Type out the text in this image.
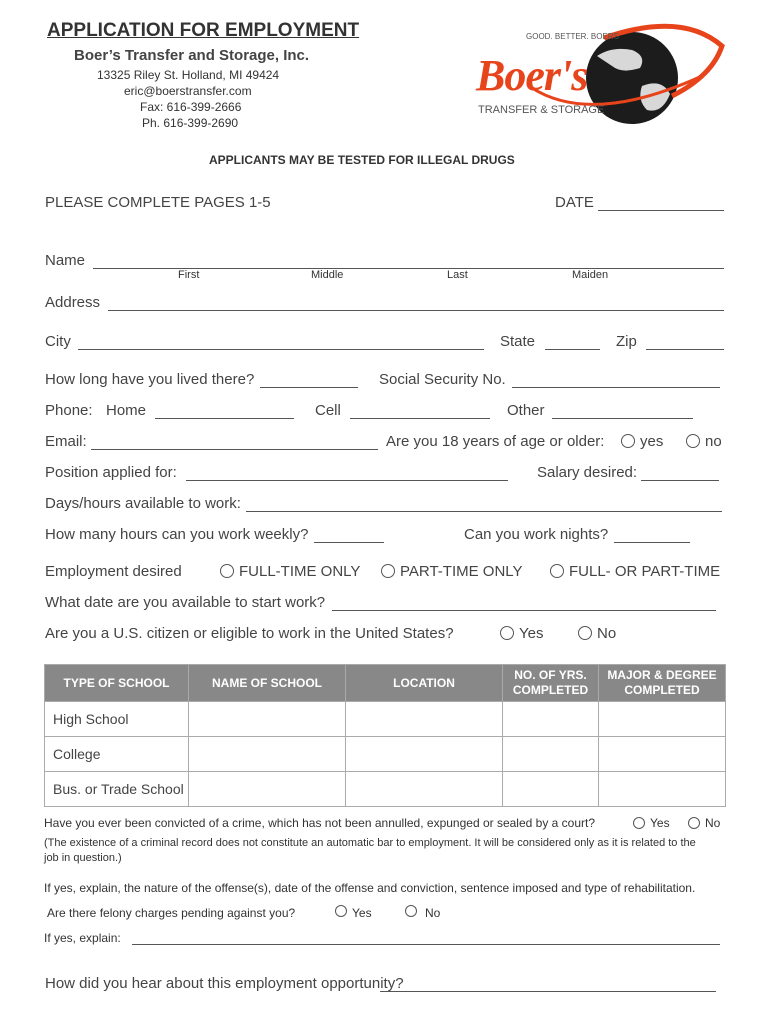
APPLICATION FOR EMPLOYMENT
Boer’s Transfer and Storage, Inc.
13325 Riley St. Holland, MI 49424
eric@boerstransfer.com
Fax: 616-399-2666
Ph. 616-399-2690
GOOD. BETTER. BOERS
Boer's
TRANSFER & STORAGE
APPLICANTS MAY BE TESTED FOR ILLEGAL DRUGS
PLEASE COMPLETE PAGES 1-5	DATE
Name
First	Middle	Last	Maiden
Address
City	State	Zip
How long have you lived there?	Social Security No.
Phone: Home	Cell	Other
Email:	Are you 18 years of age or older: yes	no
Position applied for:	Salary desired:
Days/hours available to work:
How many hours can you work weekly?	Can you work nights?
Employment desired	FULL-TIME ONLY	PART-TIME ONLY	FULL- OR PART-TIME
What date are you available to start work?
Are you a U.S. citizen or eligible to work in the United States?	Yes	No
TYPE OF SCHOOL	NAME OF SCHOOL	LOCATION	NO. OF YRS. COMPLETED	MAJOR & DEGREE COMPLETED
High School				
College				
Bus. or Trade School				
Have you ever been convicted of a crime, which has not been annulled, expunged or sealed by a court?	Yes	No
(The existence of a criminal record does not constitute an automatic bar to employment. It will be considered only as it is related to the
job in question.)
If yes, explain, the nature of the offense(s), date of the offense and conviction, sentence imposed and type of rehabilitation.
Are there felony charges pending against you?	Yes	No
If yes, explain:
How did you hear about this employment opportunity?
